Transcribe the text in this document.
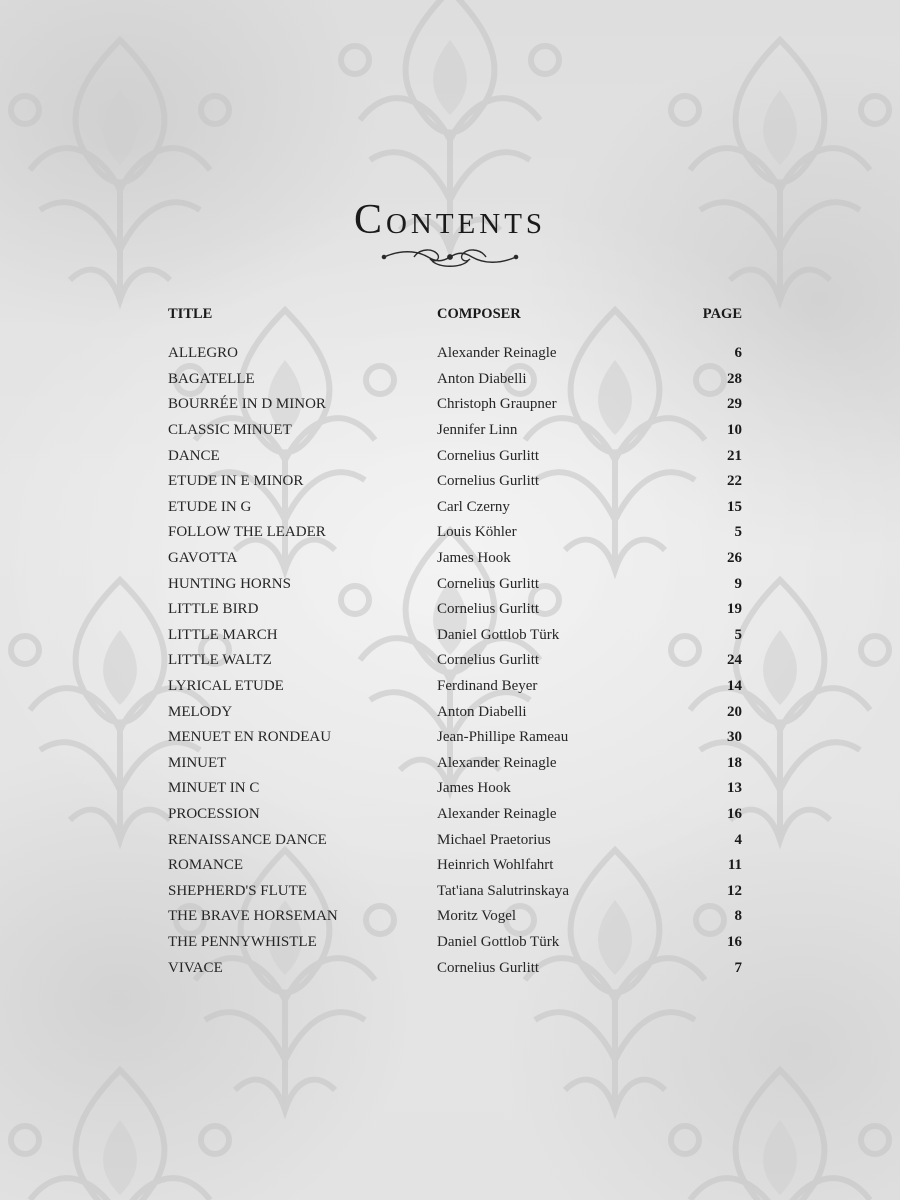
Contents
TITLE	COMPOSER	PAGE
ALLEGRO	Alexander Reinagle	6
BAGATELLE	Anton Diabelli	28
BOURRÉE IN D MINOR	Christoph Graupner	29
CLASSIC MINUET	Jennifer Linn	10
DANCE	Cornelius Gurlitt	21
ETUDE IN E MINOR	Cornelius Gurlitt	22
ETUDE IN G	Carl Czerny	15
FOLLOW THE LEADER	Louis Köhler	5
GAVOTTA	James Hook	26
HUNTING HORNS	Cornelius Gurlitt	9
LITTLE BIRD	Cornelius Gurlitt	19
LITTLE MARCH	Daniel Gottlob Türk	5
LITTLE WALTZ	Cornelius Gurlitt	24
LYRICAL ETUDE	Ferdinand Beyer	14
MELODY	Anton Diabelli	20
MENUET EN RONDEAU	Jean-Phillipe Rameau	30
MINUET	Alexander Reinagle	18
MINUET IN C	James Hook	13
PROCESSION	Alexander Reinagle	16
RENAISSANCE DANCE	Michael Praetorius	4
ROMANCE	Heinrich Wohlfahrt	11
SHEPHERD'S FLUTE	Tat'iana Salutrinskaya	12
THE BRAVE HORSEMAN	Moritz Vogel	8
THE PENNYWHISTLE	Daniel Gottlob Türk	16
VIVACE	Cornelius Gurlitt	7
